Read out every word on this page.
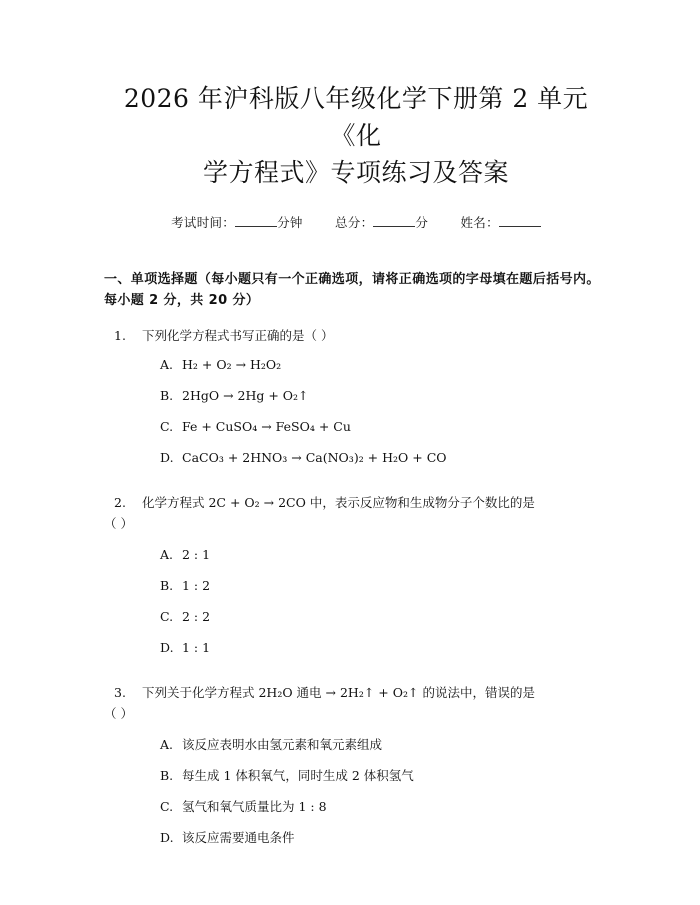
2026 年沪科版八年级化学下册第 2 单元《化
学方程式》专项练习及答案
考试时间：	分钟	总分：	分	姓名：
一、单项选择题（每小题只有一个正确选项，请将正确选项的字母填在题后括号内。每小题 2 分，共 20 分）
1. 下列化学方程式书写正确的是（ ）
A. H₂ + O₂ → H₂O₂
B. 2HgO → 2Hg + O₂↑
C. Fe + CuSO₄ → FeSO₄ + Cu
D. CaCO₃ + 2HNO₃ → Ca(NO₃)₂ + H₂O + CO
2. 化学方程式 2C + O₂ → 2CO 中，表示反应物和生成物分子个数比的是
（ ）
A. 2 : 1
B. 1 : 2
C. 2 : 2
D. 1 : 1
3. 下列关于化学方程式 2H₂O 通电 → 2H₂↑ + O₂↑ 的说法中，错误的是
（ ）
A. 该反应表明水由氢元素和氧元素组成
B. 每生成 1 体积氧气，同时生成 2 体积氢气
C. 氢气和氧气质量比为 1 : 8
D. 该反应需要通电条件
